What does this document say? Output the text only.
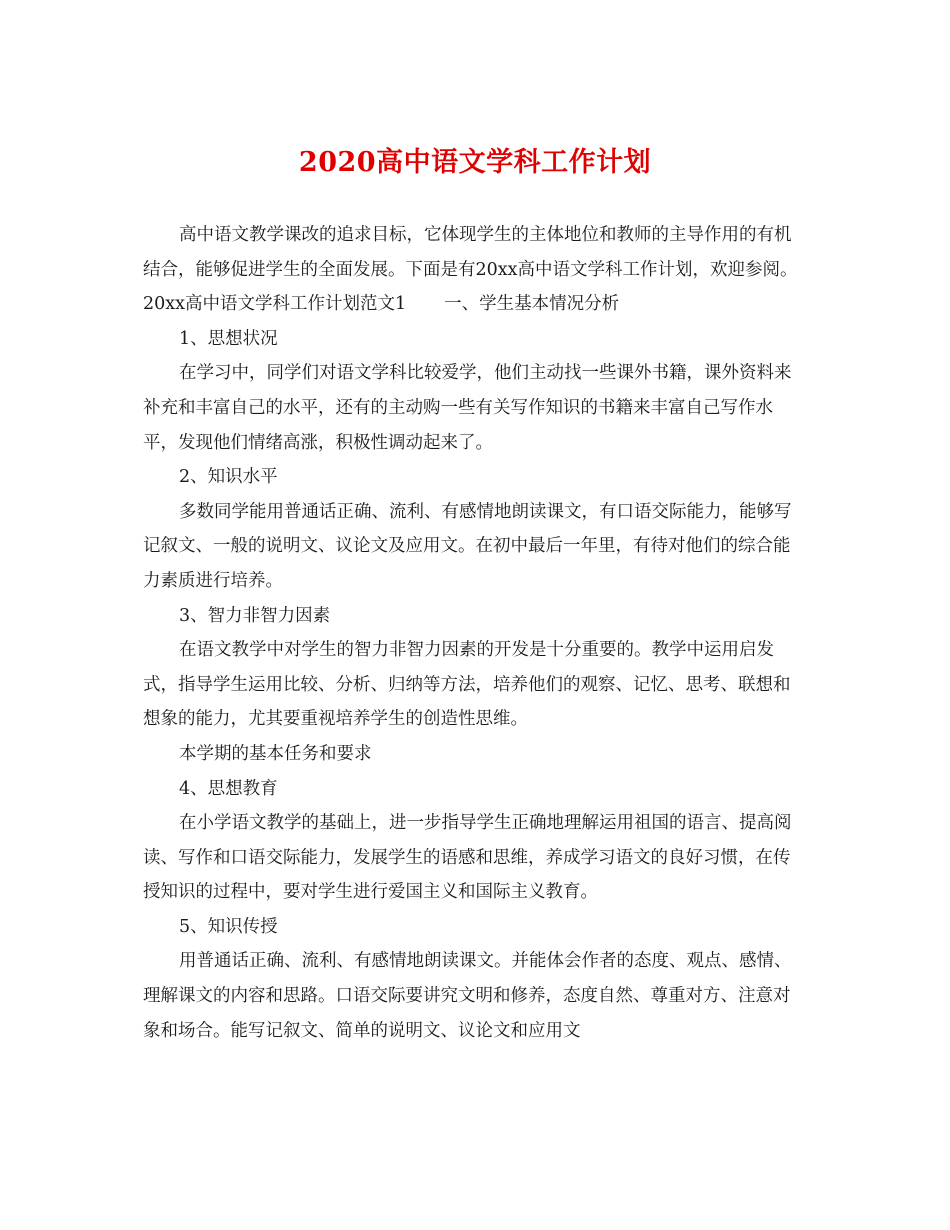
2020高中语文学科工作计划

高中语文教学课改的追求目标，它体现学生的主体地位和教师的主导作用的有机结合，能够促进学生的全面发展。下面是有20xx高中语文学科工作计划，欢迎参阅。

20xx高中语文学科工作计划范文1 一、学生基本情况分析

1、思想状况

在学习中，同学们对语文学科比较爱学，他们主动找一些课外书籍，课外资料来补充和丰富自己的水平，还有的主动购一些有关写作知识的书籍来丰富自己写作水平，发现他们情绪高涨，积极性调动起来了。

2、知识水平

多数同学能用普通话正确、流利、有感情地朗读课文，有口语交际能力，能够写记叙文、一般的说明文、议论文及应用文。在初中最后一年里，有待对他们的综合能力素质进行培养。

3、智力非智力因素

在语文教学中对学生的智力非智力因素的开发是十分重要的。教学中运用启发式，指导学生运用比较、分析、归纳等方法，培养他们的观察、记忆、思考、联想和想象的能力，尤其要重视培养学生的创造性思维。

本学期的基本任务和要求

4、思想教育

在小学语文教学的基础上，进一步指导学生正确地理解运用祖国的语言、提高阅读、写作和口语交际能力，发展学生的语感和思维，养成学习语文的良好习惯，在传授知识的过程中，要对学生进行爱国主义和国际主义教育。

5、知识传授

用普通话正确、流利、有感情地朗读课文。并能体会作者的态度、观点、感情、理解课文的内容和思路。口语交际要讲究文明和修养，态度自然、尊重对方、注意对象和场合。能写记叙文、简单的说明文、议论文和应用文
